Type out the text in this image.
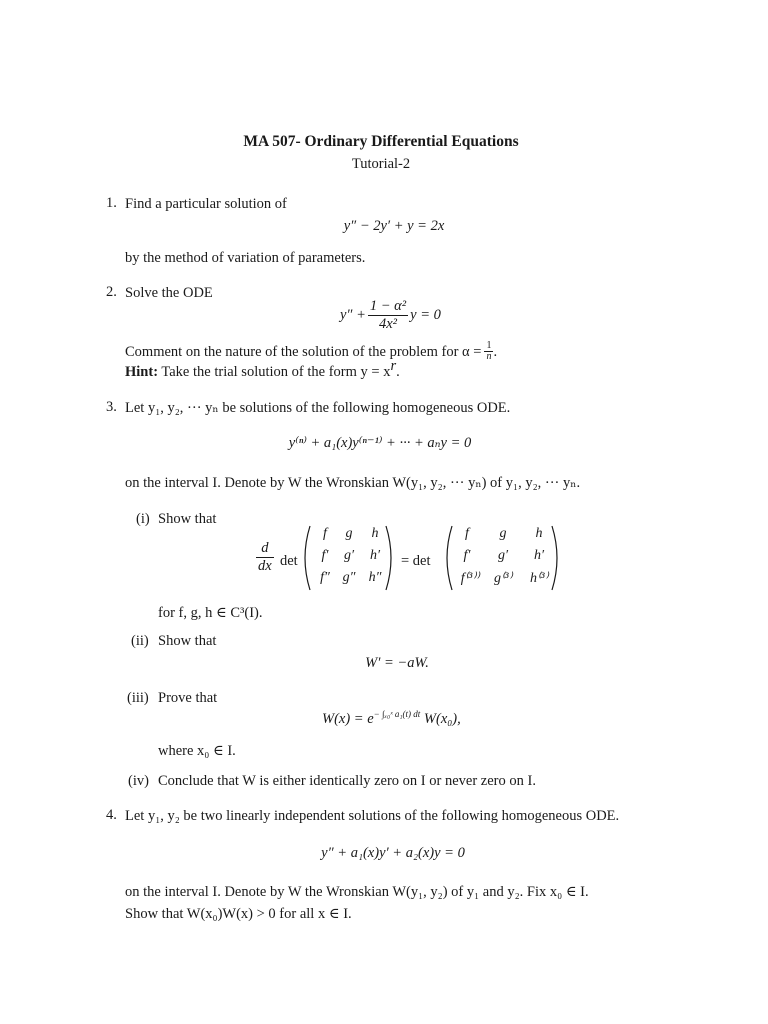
MA 507- Ordinary Differential Equations
Tutorial-2
1. Find a particular solution of
y″ − 2y′ + y = 2x
by the method of variation of parameters.
2. Solve the ODE
$y'' + \frac{\text{1 − α²}}{\text{4x²}}$ y = 0
Comment on the nature of the solution of the problem for $\alpha = \frac{1}{n}$ .
Hint: Take the trial solution of the form $y = x^r$.
3. Let y₁, y₂, ··· yₙ be solutions of the following homogeneous ODE.
y⁽ⁿ⁾ + a₁(x)y⁽ⁿ⁻¹⁾ + ··· + aₙy = 0
on the interval I. Denote by W the Wronskian W(y₁, y₂, ··· yₙ) of y₁, y₂, ··· yₙ.
(i) Show that
$\frac{d}{dx}$ det
f	g	h
f′	g′	h′
f″ g″ h″
= det
f	g	h
f′	g′	h′
f⁽³⁾⁾	g⁽³⁾	h⁽³⁾
for f, g, h ∈ C³(I).
(ii) Show that
W′ = −aW.
(iii) Prove that
$W(x) = e^{- \int_{x0}ˣ a_1(t) dt}$ W(x₀),
where x₀ ∈ I.
(iv) Conclude that W is either identically zero on I or never zero on I.
4. Let y₁, y₂ be two linearly independent solutions of the following homogeneous ODE.
y″ + a₁(x)y′ + a₂(x)y = 0
on the interval I. Denote by W the Wronskian W(y₁, y₂) of y₁ and y₂. Fix x₀ ∈ I.
Show that W(x₀)W(x) > 0 for all x ∈ I.
